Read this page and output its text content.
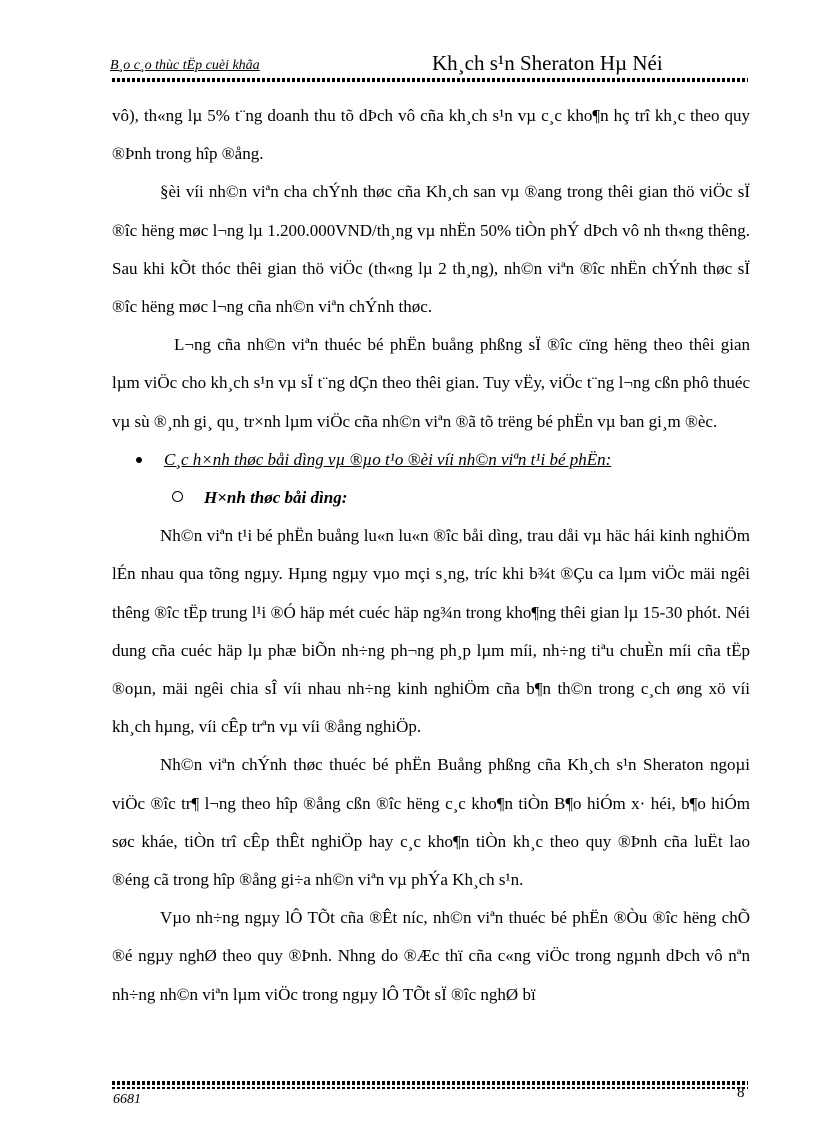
B¸o c¸o thùc tËp cuèi khãa	Kh¸ch s¹n Sheraton Hµ Néi

vô), th«ng lµ 5% t¨ng doanh thu tõ dÞch vô cña kh¸ch s¹n vµ c¸c kho¶n hç trî kh¸c theo quy ®Þnh trong hîp ®ång.

§èi víi nh©n viªn cha chÝnh thøc cña Kh¸ch san vµ ®ang trong thêi gian thö viÖc sÏ ®îc hëng møc l¬ng lµ 1.200.000VND/th¸ng vµ nhËn 50% tiÒn phÝ dÞch vô nh th«ng thêng. Sau khi kÕt thóc thêi gian thö viÖc (th«ng lµ 2 th¸ng), nh©n viªn ®îc nhËn chÝnh thøc sÏ ®îc hëng møc l¬ng cña nh©n viªn chÝnh thøc.

L¬ng cña nh©n viªn thuéc bé phËn buång phßng sÏ ®îc cïng hëng theo thêi gian lµm viÖc cho kh¸ch s¹n vµ sÏ t¨ng dÇn theo thêi gian. Tuy vËy, viÖc t¨ng l¬ng cßn phô thuéc vµ sù ®¸nh gi¸ qu¸ tr×nh lµm viÖc cña nh©n viªn ®ã tõ trëng bé phËn vµ ban gi¸m ®èc.

C¸c h×nh thøc båi dìng vµ ®µo t¹o ®èi víi nh©n viªn t¹i bé phËn:

H×nh thøc båi dìng:

Nh©n viªn t¹i bé phËn buång lu«n lu«n ®îc båi dìng, trau dåi vµ häc hái kinh nghiÖm lÉn nhau qua tõng ngµy. Hµng ngµy vµo mçi s¸ng, tríc khi b¾t ®Çu ca lµm viÖc mäi ngêi thêng ®îc tËp trung l¹i ®Ó häp mét cuéc häp ng¾n trong kho¶ng thêi gian lµ 15-30 phót. Néi dung cña cuéc häp lµ phæ biÕn nh÷ng ph¬ng ph¸p lµm míi, nh÷ng tiªu chuÈn míi cña tËp ®oµn, mäi ngêi chia sÎ víi nhau nh÷ng kinh nghiÖm cña b¶n th©n trong c¸ch øng xö víi kh¸ch hµng, víi cÊp trªn vµ víi ®ång nghiÖp.

Nh©n viªn chÝnh thøc thuéc bé phËn Buång phßng cña Kh¸ch s¹n Sheraton ngoµi viÖc ®îc tr¶ l¬ng theo hîp ®ång cßn ®îc hëng c¸c kho¶n tiÒn B¶o hiÓm x· héi, b¶o hiÓm søc kháe, tiÒn trî cÊp thÊt nghiÖp hay c¸c kho¶n tiÒn kh¸c theo quy ®Þnh cña luËt lao ®éng cã trong hîp ®ång gi÷a nh©n viªn vµ phÝa Kh¸ch s¹n.

Vµo nh÷ng ngµy lÔ TÕt cña ®Êt níc, nh©n viªn thuéc bé phËn ®Òu ®îc hëng chÕ ®é ngµy nghØ theo quy ®Þnh. Nhng do ®Æc thï cña c«ng viÖc trong ngµnh dÞch vô nªn nh÷ng nh©n viªn lµm viÖc trong ngµy lÔ TÕt sÏ ®îc nghØ bï

6681	8
